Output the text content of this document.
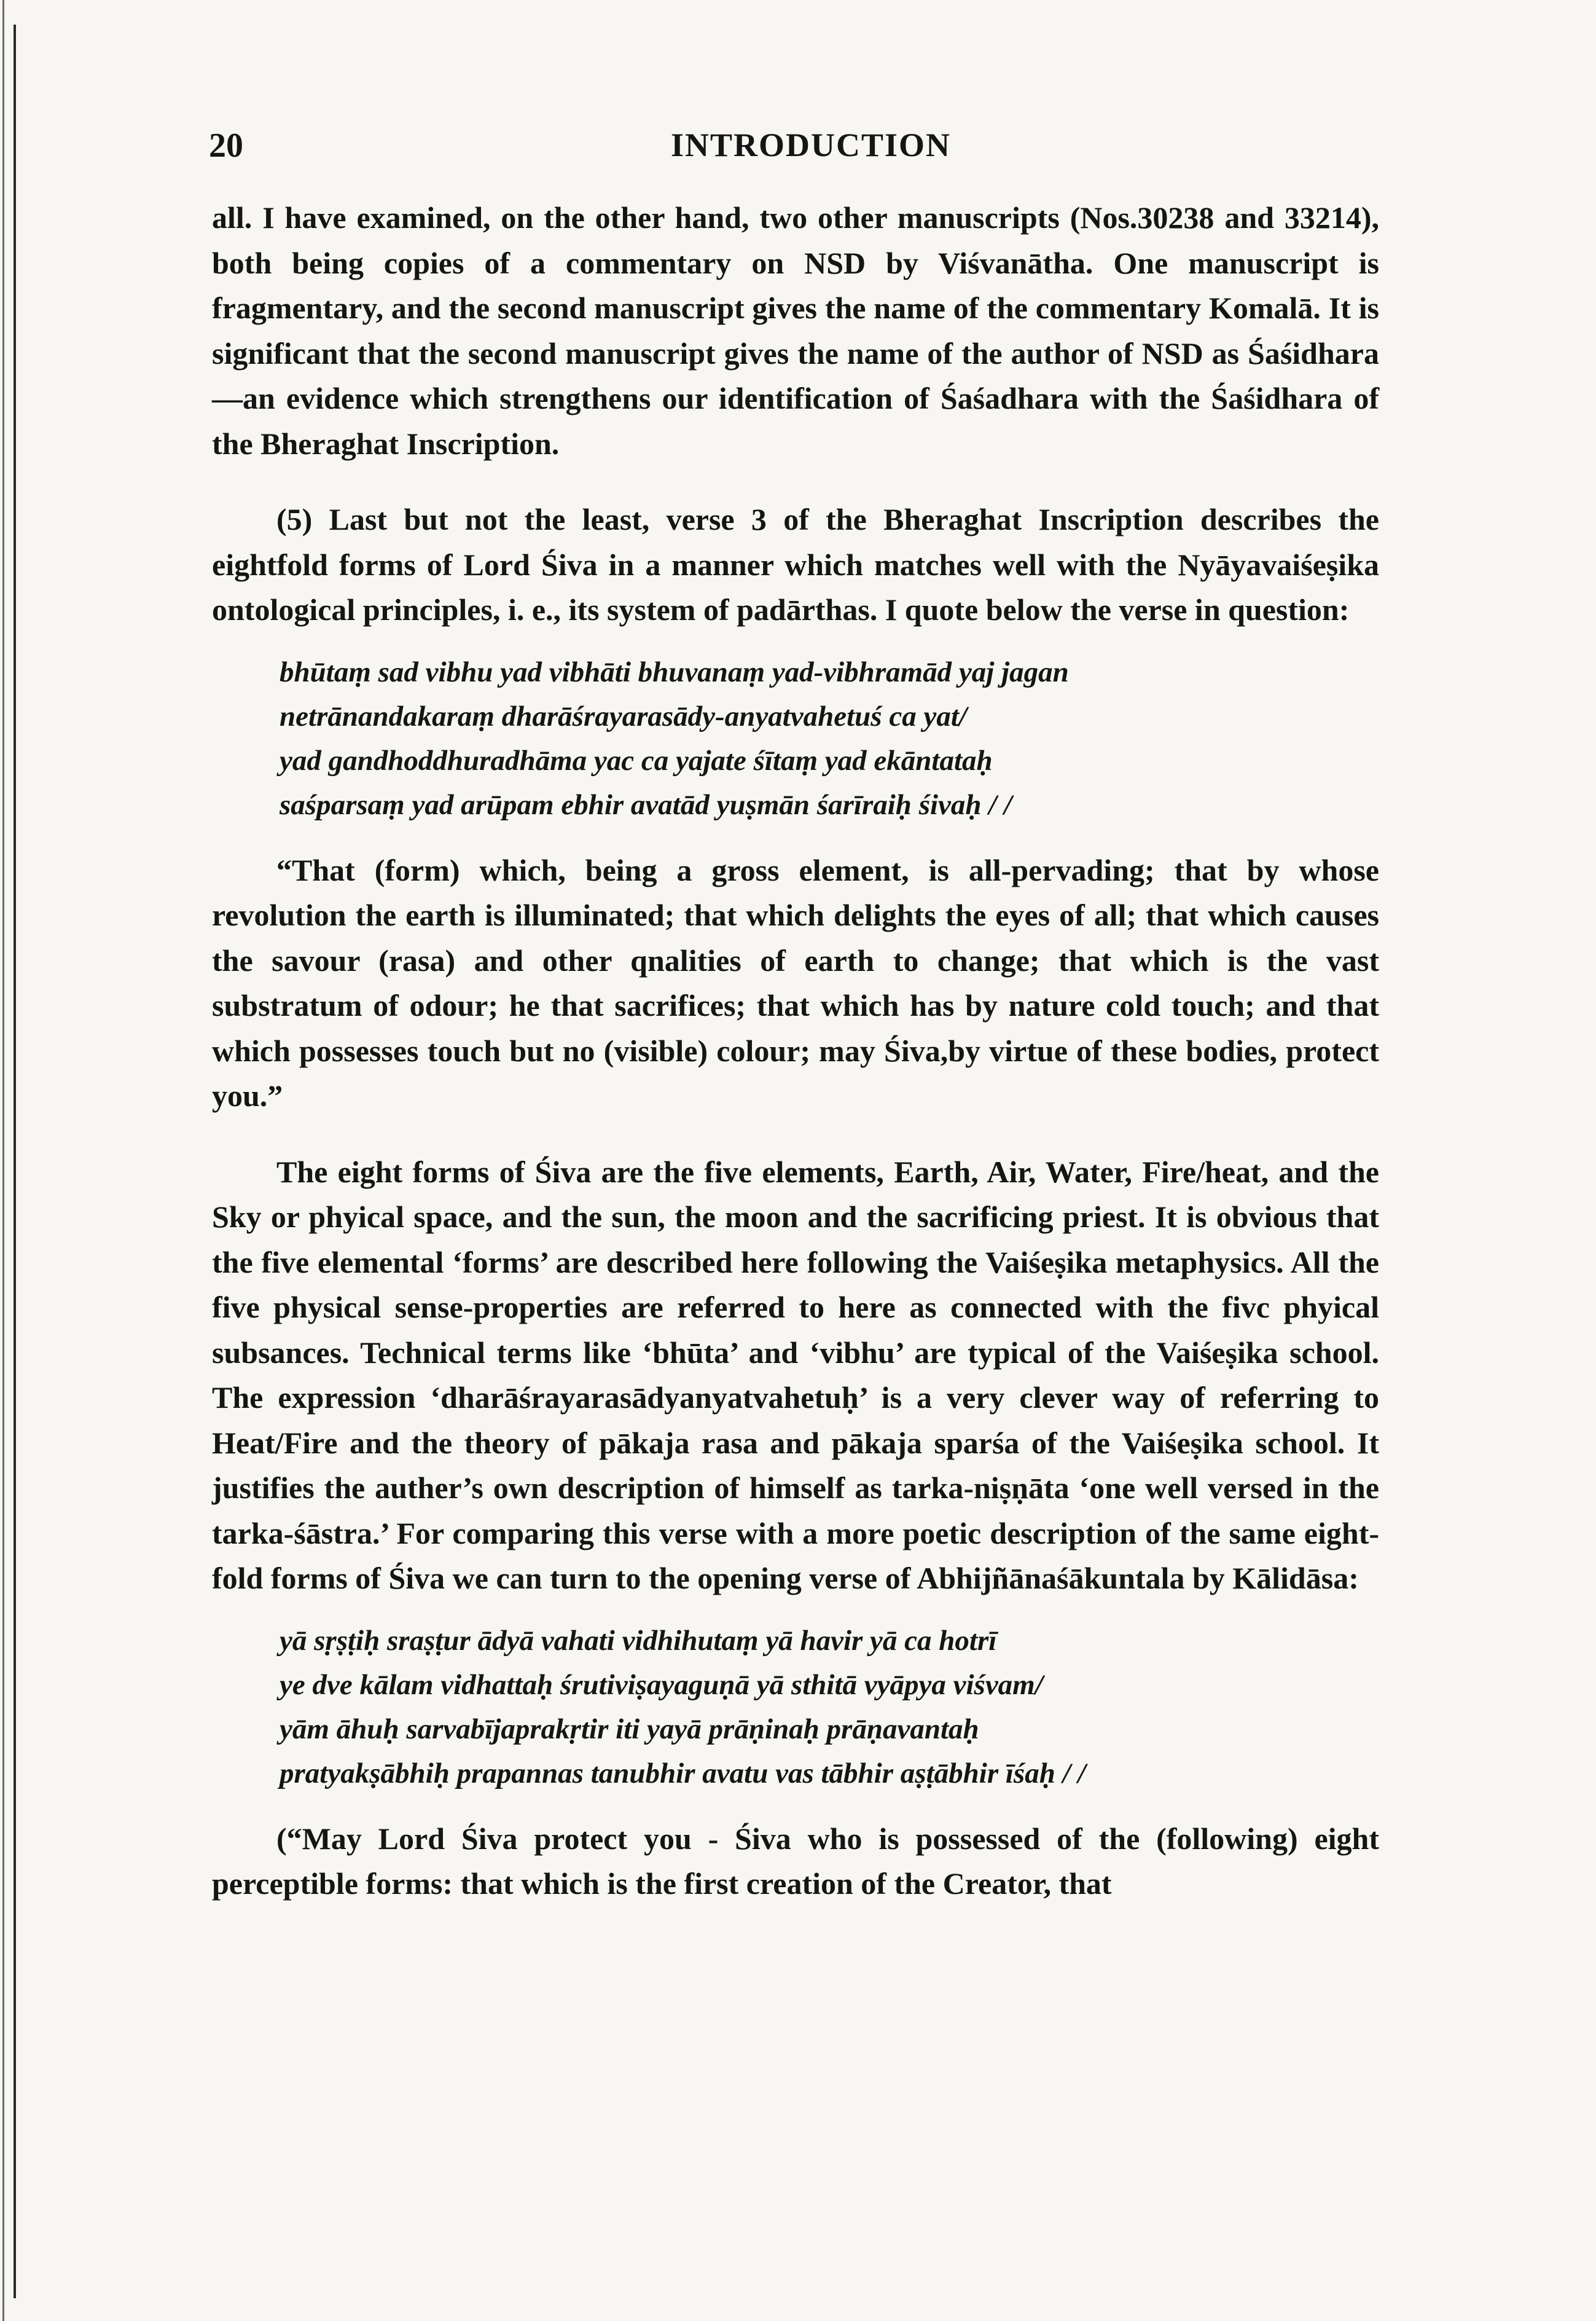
20	INTRODUCTION

all. I have examined, on the other hand, two other manuscripts (Nos.30238 and 33214), both being copies of a commentary on NSD by Viśvanātha. One manuscript is fragmentary, and the second manuscript gives the name of the commentary Komalā. It is significant that the second manuscript gives the name of the author of NSD as Śaśidhara—an evidence which strengthens our identification of Śaśadhara with the Śaśidhara of the Bheraghat Inscription.

(5) Last but not the least, verse 3 of the Bheraghat Inscription describes the eightfold forms of Lord Śiva in a manner which matches well with the Nyāyavaiśeṣika ontological principles, i. e., its system of padārthas. I quote below the verse in question:

bhūtaṃ sad vibhu yad vibhāti bhuvanaṃ yad-vibhramād yaj jagan
netrānandakaraṃ dharāśrayarasādy-anyatvahetuś ca yat/
yad gandhoddhuradhāma yac ca yajate śītaṃ yad ekāntataḥ
saśparsaṃ yad arūpam ebhir avatād yuṣmān śarīraiḥ śivaḥ / /

“That (form) which, being a gross element, is all-pervading; that by whose revolution the earth is illuminated; that which delights the eyes of all; that which causes the savour (rasa) and other qnalities of earth to change; that which is the vast substratum of odour; he that sacrifices; that which has by nature cold touch; and that which possesses touch but no (visible) colour; may Śiva,by virtue of these bodies, protect you.”

The eight forms of Śiva are the five elements, Earth, Air, Water, Fire/heat, and the Sky or phyical space, and the sun, the moon and the sacrificing priest. It is obvious that the five elemental ‘forms’ are described here following the Vaiśeṣika metaphysics. All the five physical sense-properties are referred to here as connected with the fivc phyical subsances. Technical terms like ‘bhūta’ and ‘vibhu’ are typical of the Vaiśeṣika school. The expression ‘dharāśrayarasādyanyatvahetuḥ’ is a very clever way of referring to Heat/Fire and the theory of pākaja rasa and pākaja sparśa of the Vaiśeṣika school. It justifies the auther’s own description of himself as tarka-niṣṇāta ‘one well versed in the tarka-śāstra.’ For comparing this verse with a more poetic description of the same eight-fold forms of Śiva we can turn to the opening verse of Abhijñānaśākuntala by Kālidāsa:

yā sṛṣṭiḥ sraṣṭur ādyā vahati vidhihutaṃ yā havir yā ca hotrī
ye dve kālam vidhattaḥ śrutiviṣayaguṇā yā sthitā vyāpya viśvam/
yām āhuḥ sarvabījaprakṛtir iti yayā prāṇinaḥ prāṇavantaḥ
pratyakṣābhiḥ prapannas tanubhir avatu vas tābhir aṣṭābhir īśaḥ / /

(“May Lord Śiva protect you - Śiva who is possessed of the (following) eight perceptible forms: that which is the first creation of the Creator, that
